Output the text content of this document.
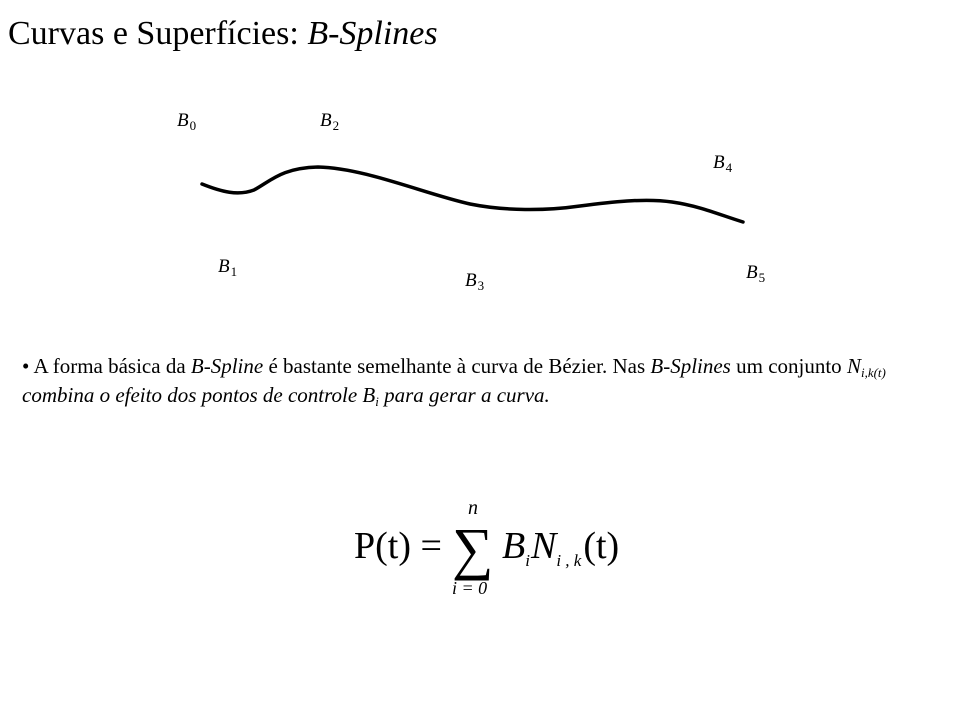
Curvas e Superfícies: B-Splines
$B_0$
$B_1$
$B_2$
$B_3$
$B_4$
$B_5$
• A forma básica da B-Spline é bastante semelhante à curva de Bézier. Nas B-Splines um conjunto $N_{i,k(t)}$ combina o efeito dos pontos de controle $B_i$ para gerar a curva.
P(t) = ∑
n
i = 0
$B_iN_{i , k}(t)$
